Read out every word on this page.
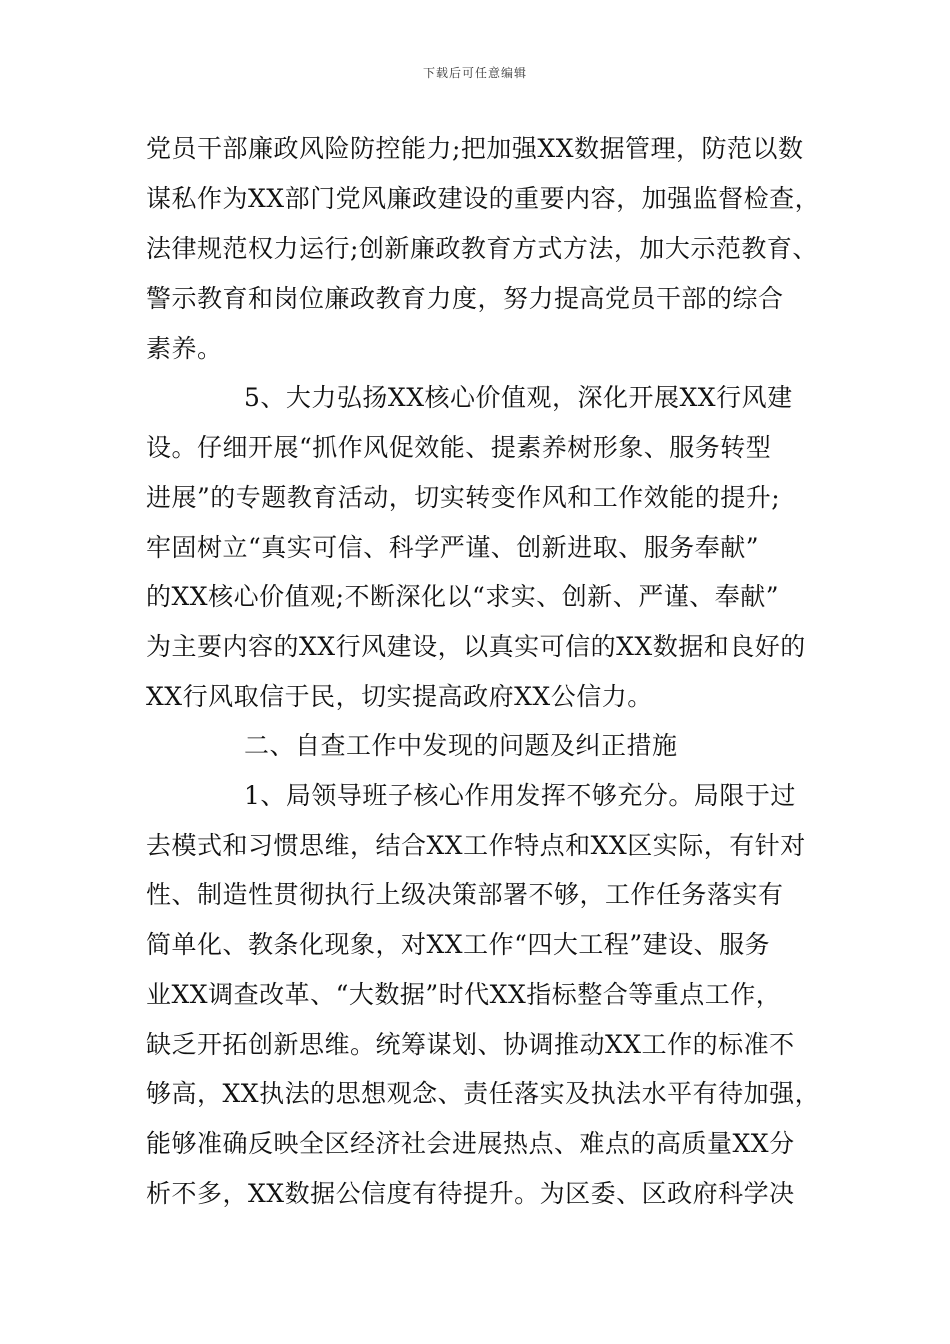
下载后可任意编辑
党员干部廉政风险防控能力;把加强XX数据管理，防范以数
谋私作为XX部门党风廉政建设的重要内容，加强监督检查，
法律规范权力运行;创新廉政教育方式方法，加大示范教育、
警示教育和岗位廉政教育力度，努力提高党员干部的综合
素养。
5、大力弘扬XX核心价值观，深化开展XX行风建
设。仔细开展“抓作风促效能、提素养树形象、服务转型
进展”的专题教育活动，切实转变作风和工作效能的提升;
牢固树立“真实可信、科学严谨、创新进取、服务奉献”
的XX核心价值观;不断深化以“求实、创新、严谨、奉献”
为主要内容的XX行风建设，以真实可信的XX数据和良好的
XX行风取信于民，切实提高政府XX公信力。
二、自查工作中发现的问题及纠正措施
1、局领导班子核心作用发挥不够充分。局限于过
去模式和习惯思维，结合XX工作特点和XX区实际，有针对
性、制造性贯彻执行上级决策部署不够，工作任务落实有
简单化、教条化现象，对XX工作“四大工程”建设、服务
业XX调查改革、“大数据”时代XX指标整合等重点工作，
缺乏开拓创新思维。统筹谋划、协调推动XX工作的标准不
够高，XX执法的思想观念、责任落实及执法水平有待加强，
能够准确反映全区经济社会进展热点、难点的高质量XX分
析不多，XX数据公信度有待提升。为区委、区政府科学决
